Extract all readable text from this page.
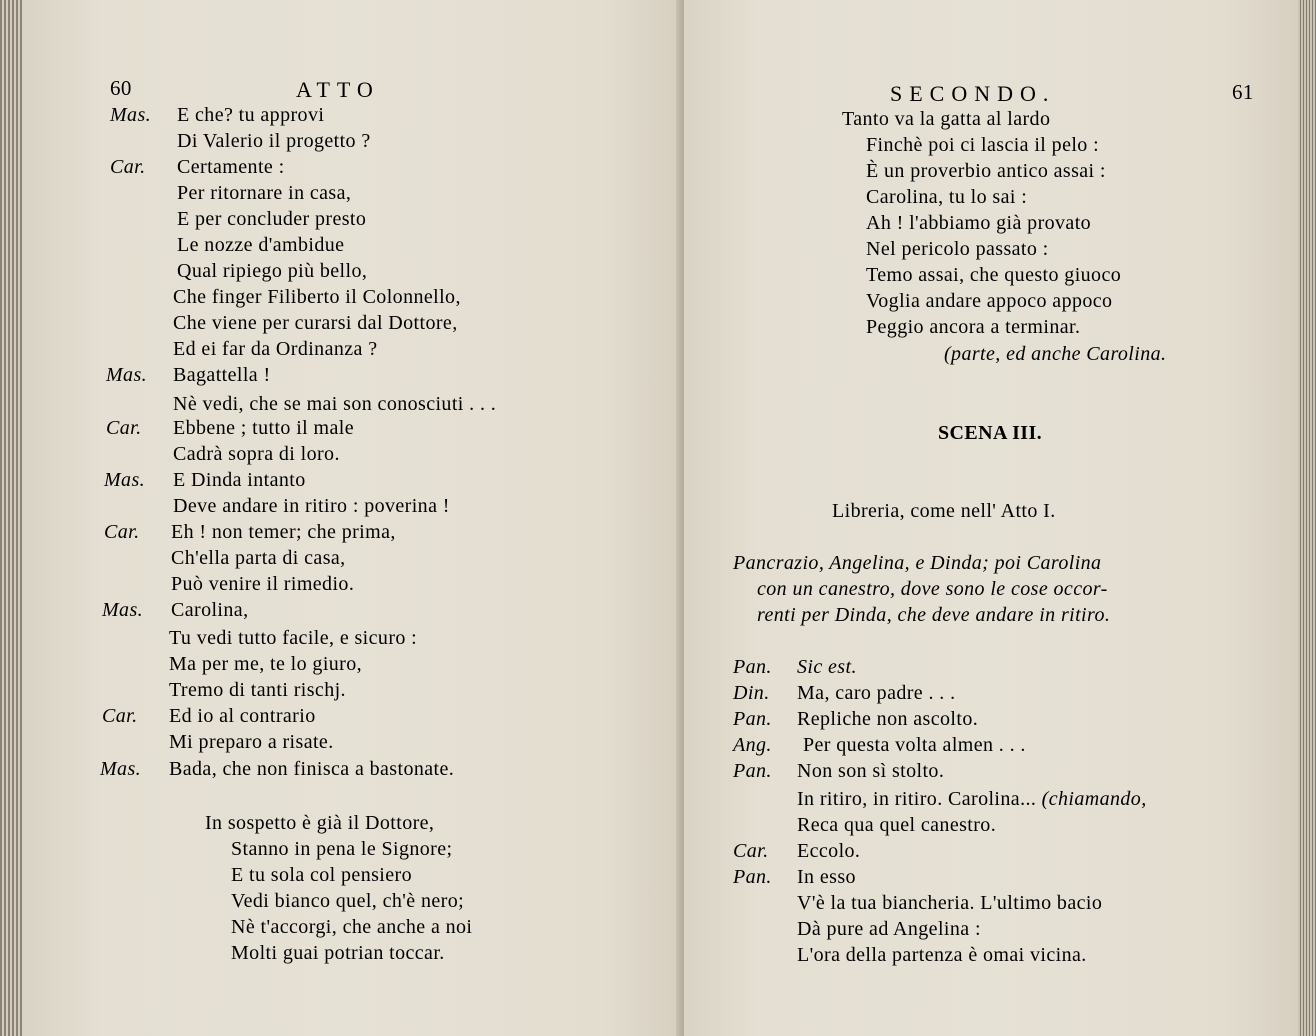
60	ATTO
Mas. E che? tu approvi
Di Valerio il progetto ?
Car. Certamente :
Per ritornare in casa,
E per concluder presto
Le nozze d'ambidue
Qual ripiego più bello,
Che finger Filiberto il Colonnello,
Che viene per curarsi dal Dottore,
Ed ei far da Ordinanza ?
Mas. Bagattella !
Nè vedi, che se mai son conosciuti . . .
Car. Ebbene ; tutto il male
Cadrà sopra di loro.
Mas. E Dinda intanto
Deve andare in ritiro : poverina !
Car. Eh ! non temer; che prima,
Ch'ella parta di casa,
Può venire il rimedio.
Mas. Carolina,
Tu vedi tutto facile, e sicuro :
Ma per me, te lo giuro,
Tremo di tanti rischj.
Car. Ed io al contrario
Mi preparo a risate.
Mas. Bada, che non finisca a bastonate.
In sospetto è già il Dottore,
Stanno in pena le Signore;
E tu sola col pensiero
Vedi bianco quel, ch'è nero;
Nè t'accorgi, che anche a noi
Molti guai potrian toccar.
SECONDO.	61
Tanto va la gatta al lardo
Finchè poi ci lascia il pelo :
È un proverbio antico assai :
Carolina, tu lo sai :
Ah ! l'abbiamo già provato
Nel pericolo passato :
Temo assai, che questo giuoco
Voglia andare appoco appoco
Peggio ancora a terminar.
(parte, ed anche Carolina.
SCENA III.
Libreria, come nell' Atto I.
Pancrazio, Angelina, e Dinda; poi Carolina
con un canestro, dove sono le cose occor-
renti per Dinda, che deve andare in ritiro.
Pan. Sic est.
Din. Ma, caro padre . . .
Pan. Repliche non ascolto.
Ang. Per questa volta almen . . .
Pan. Non son sì stolto.
In ritiro, in ritiro. Carolina... (chiamando,
Reca qua quel canestro.
Car. Eccolo.
Pan. In esso
V'è la tua biancheria. L'ultimo bacio
Dà pure ad Angelina :
L'ora della partenza è omai vicina.
